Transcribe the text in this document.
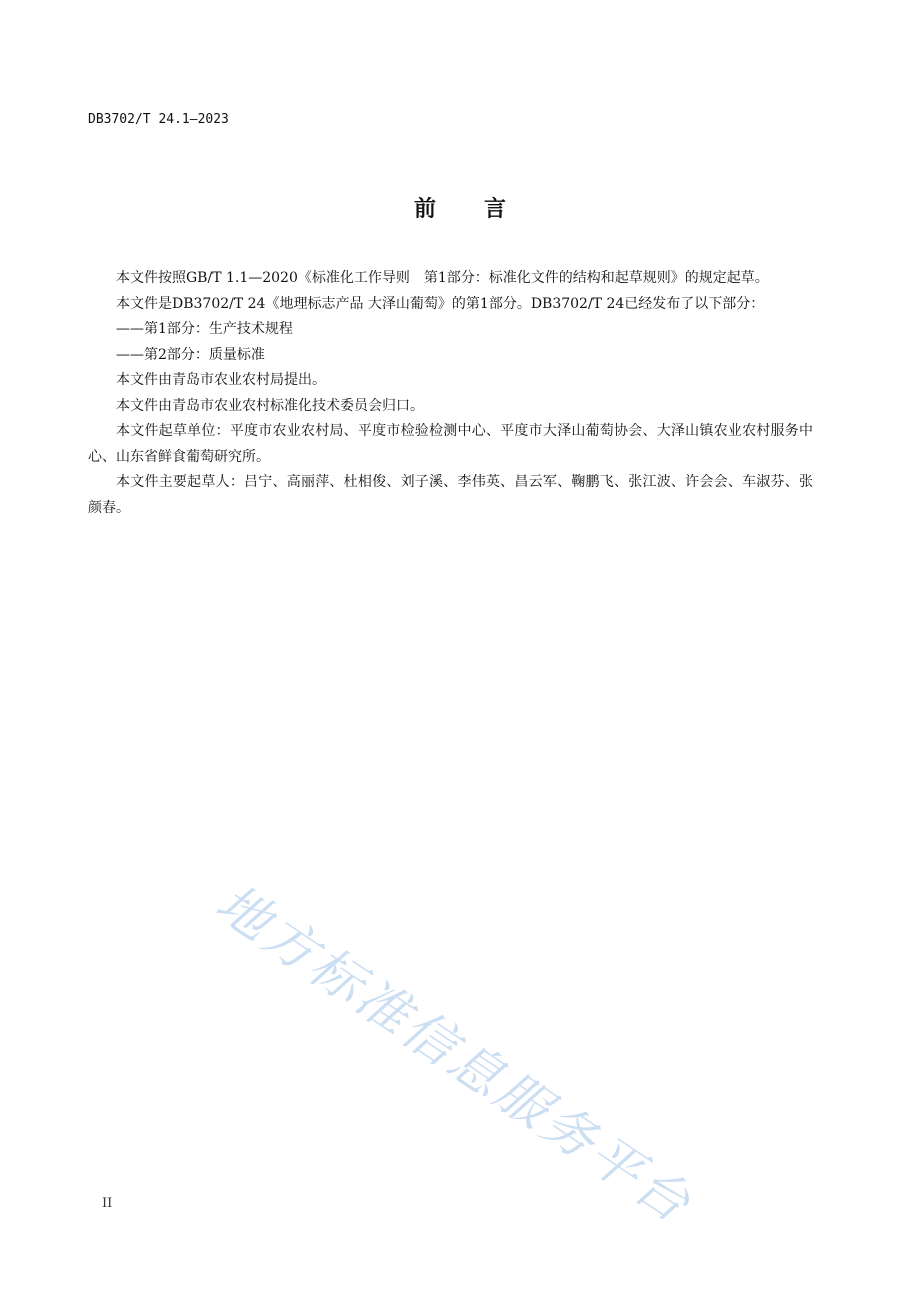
DB3702/T 24.1—2023
前 言

本文件按照GB/T 1.1—2020《标准化工作导则　第1部分：标准化文件的结构和起草规则》的规定起草。

本文件是DB3702/T 24《地理标志产品 大泽山葡萄》的第1部分。DB3702/T 24已经发布了以下部分：

——第1部分：生产技术规程

——第2部分：质量标准

本文件由青岛市农业农村局提出。

本文件由青岛市农业农村标准化技术委员会归口。

本文件起草单位：平度市农业农村局、平度市检验检测中心、平度市大泽山葡萄协会、大泽山镇农业农村服务中心、山东省鲜食葡萄研究所。

本文件主要起草人：吕宁、高丽萍、杜相俊、刘子溪、李伟英、昌云军、鞠鹏飞、张江波、许会会、车淑芬、张颜春。

地方标准信息服务平台
II
